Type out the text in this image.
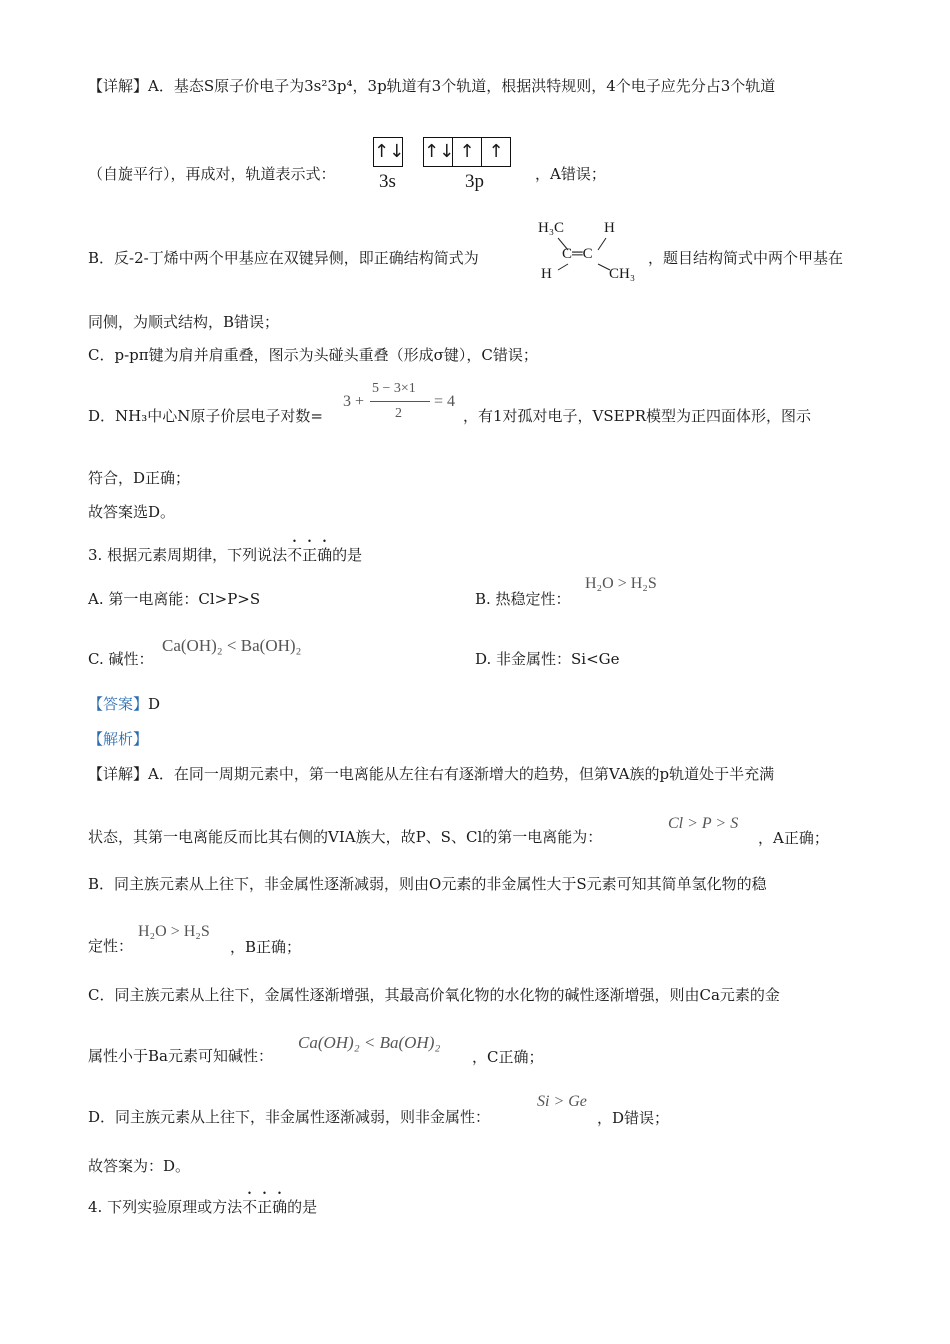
【详解】A．基态S原子价电子为3s²3p⁴，3p轨道有3个轨道，根据洪特规则，4个电子应先分占3个轨道
（自旋平行），再成对，轨道表示式：
↑↓ ↑↓ ↑ ↑
3s	3p	，A错误；
B．反-2-丁烯中两个甲基应在双键异侧，即正确结构简式为
H₃C	H
C═C
H	CH₃
，题目结构简式中两个甲基在
同侧，为顺式结构，B错误；
C．p-pπ键为肩并肩重叠，图示为头碰头重叠（形成σ键），C错误；
D．NH₃中心N原子价层电子对数=
3 +
5 − 3×1
2
= 4
，有1对孤对电子，VSEPR模型为正四面体形，图示
符合，D正确；
故答案选D。
3. 根据元素周期律，下列说法不正确的是
A. 第一电离能：Cl>P>S	B. 热稳定性：
H₂O > H₂S
C. 碱性：
Ca(OH)₂ < Ba(OH)₂
D. 非金属性：Si<Ge
【答案】D
【解析】
【详解】A．在同一周期元素中，第一电离能从左往右有逐渐增大的趋势，但第VA族的p轨道处于半充满
状态，其第一电离能反而比其右侧的VIA族大，故P、S、Cl的第一电离能为：
Cl > P > S
，A正确；
B．同主族元素从上往下，非金属性逐渐减弱，则由O元素的非金属性大于S元素可知其简单氢化物的稳
定性：
H₂O > H₂S
，B正确；
C．同主族元素从上往下，金属性逐渐增强，其最高价氧化物的水化物的碱性逐渐增强，则由Ca元素的金
属性小于Ba元素可知碱性：
Ca(OH)₂ < Ba(OH)₂
，C正确；
D．同主族元素从上往下，非金属性逐渐减弱，则非金属性：
Si > Ge
，D错误；
故答案为：D。
4. 下列实验原理或方法不正确的是
